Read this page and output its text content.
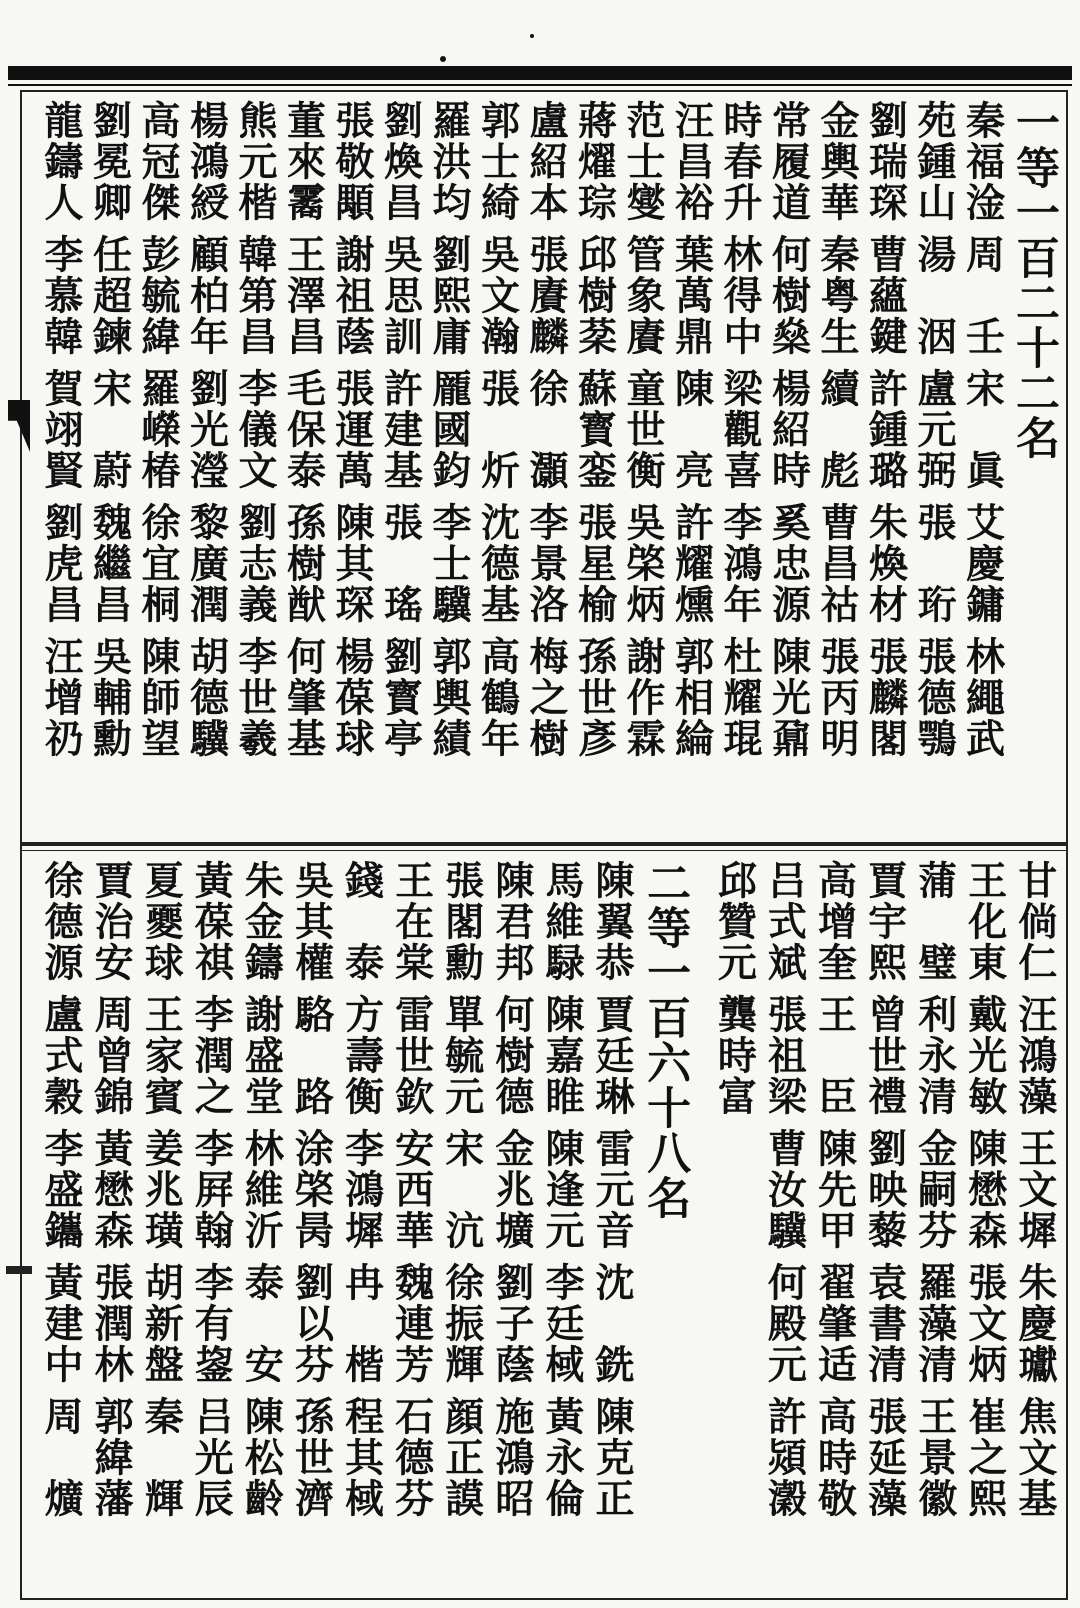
一等一百二十二名
秦福淦
周　壬
宋　眞
艾慶鏞
林繩武
苑鍾山
湯　洇
盧元弼
張　珩
張德鶚
劉瑞琛
曹蘊鍵
許鍾璐
朱煥材
張麟閣
金輿華
秦粤生
續　彪
曹昌祜
張丙明
常履道
何樹燊
楊紹時
奚忠源
陳光鼐
時春升
林得中
梁觀喜
李鴻年
杜耀琨
汪昌裕
葉萬鼎
陳　亮
許耀燻
郭相綸
范士燮
管象賡
童世衡
吳棨炳
謝作霖
蔣燿琮
邱樹棻
蘇寳銮
張星榆
孫世彥
盧紹本
張賡麟
徐　灝
李景洛
梅之樹
郭士綺
吳文瀚
張　炘
沈德基
高鶴年
羅洪均
劉熙庸
龎國鈞
李士驥
郭輿績
劉煥昌
吳思訓
許建基
張　瑤
劉寳亭
張敬顒
謝祖蔭
張運萬
陳其琛
楊葆球
董來霱
王澤昌
毛保泰
孫樹猷
何肇基
熊元楷
韓第昌
李儀文
劉志義
李世羲
楊鴻綬
顧柏年
劉光瀅
黎廣潤
胡德驥
高冠傑
彭毓緯
羅嶸椿
徐宜桐
陳師望
劉冕卿
任超鍊
宋　蔚
魏繼昌
吳輔勳
龍鑄人
李慕韓
賀翊賢
劉虎昌
汪增礽
甘倘仁
汪鴻藻
王文墀
朱慶瓛
焦文基
王化東
戴光敏
陳懋森
張文炳
崔之熙
蒲　璧
利永清
金嗣芬
羅藻清
王景徽
賈宇熙
曾世禮
劉映藜
袁書清
張延藻
高增奎
王　臣
陳先甲
翟肇适
高時敬
吕式斌
張祖梁
曹汝驥
何殿元
許熲瀔
邱贊元
龔時富
二等一百六十八名
陳翼恭
賈廷琳
雷元音
沈　銑
陳克正
馬維騄
陳嘉睢
陳逢元
李廷棫
黃永倫
陳君邦
何樹德
金兆壙
劉子蔭
施鴻昭
張閣勳
單毓元
宋　沆
徐振輝
顔正謨
王在棠
雷世欽
安西華
魏連芳
石德芬
錢　泰
方壽衡
李鴻墀
冉　楷
程其棫
吳其權
駱　路
涂棨昺
劉以芬
孫世濟
朱金鑄
謝盛堂
林維沂
泰　安
陳松齡
黃葆祺
李潤之
李屛翰
李有鋆
吕光辰
夏夒球
王家賓
姜兆璜
胡新盤
秦　輝
賈治安
周曾錦
黃懋森
張潤林
郭緯藩
徐德源
盧式穀
李盛鑴
黃建中
周　爌
